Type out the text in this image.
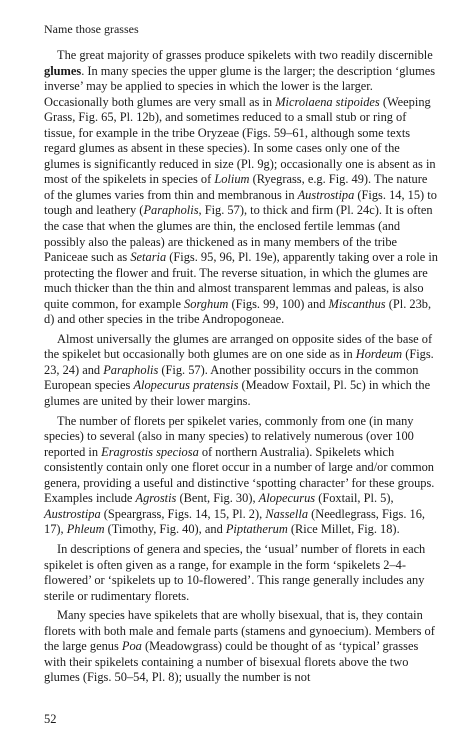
Name those grasses

The great majority of grasses produce spikelets with two readily discernible glumes. In many species the upper glume is the larger; the description ‘glumes inverse’ may be applied to species in which the lower is the larger. Occasionally both glumes are very small as in Microlaena stipoides (Weeping Grass, Fig. 65, Pl. 12b), and sometimes reduced to a small stub or ring of tissue, for example in the tribe Oryzeae (Figs. 59–61, although some texts regard glumes as absent in these species). In some cases only one of the glumes is significantly reduced in size (Pl. 9g); occasionally one is absent as in most of the spikelets in species of Lolium (Ryegrass, e.g. Fig. 49). The nature of the glumes varies from thin and membranous in Austrostipa (Figs. 14, 15) to tough and leathery (Parapholis, Fig. 57), to thick and firm (Pl. 24c). It is often the case that when the glumes are thin, the enclosed fertile lemmas (and possibly also the paleas) are thickened as in many members of the tribe Paniceae such as Setaria (Figs. 95, 96, Pl. 19e), apparently taking over a role in protecting the flower and fruit. The reverse situation, in which the glumes are much thicker than the thin and almost transparent lemmas and paleas, is also quite common, for example Sorghum (Figs. 99, 100) and Miscanthus (Pl. 23b, d) and other species in the tribe Andropogoneae.

Almost universally the glumes are arranged on opposite sides of the base of the spikelet but occasionally both glumes are on one side as in Hordeum (Figs. 23, 24) and Parapholis (Fig. 57). Another possibility occurs in the common European species Alopecurus pratensis (Meadow Foxtail, Pl. 5c) in which the glumes are united by their lower margins.

The number of florets per spikelet varies, commonly from one (in many species) to several (also in many species) to relatively numerous (over 100 reported in Eragrostis speciosa of northern Australia). Spikelets which consistently contain only one floret occur in a number of large and/or common genera, providing a useful and distinctive ‘spotting character’ for these groups. Examples include Agrostis (Bent, Fig. 30), Alopecurus (Foxtail, Pl. 5), Austrostipa (Speargrass, Figs. 14, 15, Pl. 2), Nassella (Needlegrass, Figs. 16, 17), Phleum (Timothy, Fig. 40), and Piptatherum (Rice Millet, Fig. 18).

In descriptions of genera and species, the ‘usual’ number of florets in each spikelet is often given as a range, for example in the form ‘spikelets 2–4-flowered’ or ‘spikelets up to 10-flowered’. This range generally includes any sterile or rudimentary florets.

Many species have spikelets that are wholly bisexual, that is, they contain florets with both male and female parts (stamens and gynoecium). Members of the large genus Poa (Meadowgrass) could be thought of as ‘typical’ grasses with their spikelets containing a number of bisexual florets above the two glumes (Figs. 50–54, Pl. 8); usually the number is not

52
